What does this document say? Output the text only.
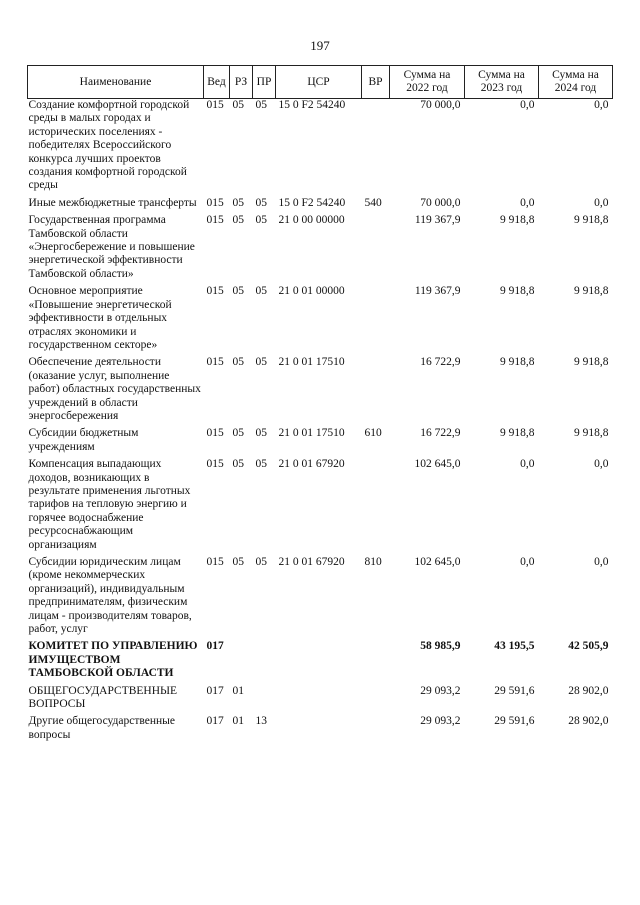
197
Наименование	Вед	РЗ	ПР	ЦСР	ВР	Сумма на 2022 год	Сумма на 2023 год	Сумма на 2024 год
Создание комфортной городской среды в малых городах и исторических поселениях - победителях Всероссийского конкурса лучших проектов создания комфортной городской среды	015	05	05	15 0 F2 54240		70 000,0	0,0	0,0
Иные межбюджетные трансферты	015	05	05	15 0 F2 54240	540	70 000,0	0,0	0,0
Государственная программа Тамбовской области «Энергосбережение и повышение энергетической эффективности Тамбовской области»	015	05	05	21 0 00 00000		119 367,9	9 918,8	9 918,8
Основное мероприятие «Повышение энергетической эффективности в отдельных отраслях экономики и государственном секторе»	015	05	05	21 0 01 00000		119 367,9	9 918,8	9 918,8
Обеспечение деятельности (оказание услуг, выполнение работ) областных государственных учреждений в области энергосбережения	015	05	05	21 0 01 17510		16 722,9	9 918,8	9 918,8
Субсидии бюджетным учреждениям	015	05	05	21 0 01 17510	610	16 722,9	9 918,8	9 918,8
Компенсация выпадающих доходов, возникающих в результате применения льготных тарифов на тепловую энергию и горячее водоснабжение ресурсоснабжающим организациям	015	05	05	21 0 01 67920		102 645,0	0,0	0,0
Субсидии юридическим лицам (кроме некоммерческих организаций), индивидуальным предпринимателям, физическим лицам - производителям товаров, работ, услуг	015	05	05	21 0 01 67920	810	102 645,0	0,0	0,0
КОМИТЕТ ПО УПРАВЛЕНИЮ ИМУЩЕСТВОМ ТАМБОВСКОЙ ОБЛАСТИ	017					58 985,9	43 195,5	42 505,9
ОБЩЕГОСУДАРСТВЕННЫЕ ВОПРОСЫ	017	01				29 093,2	29 591,6	28 902,0
Другие общегосударственные вопросы	017	01	13			29 093,2	29 591,6	28 902,0
